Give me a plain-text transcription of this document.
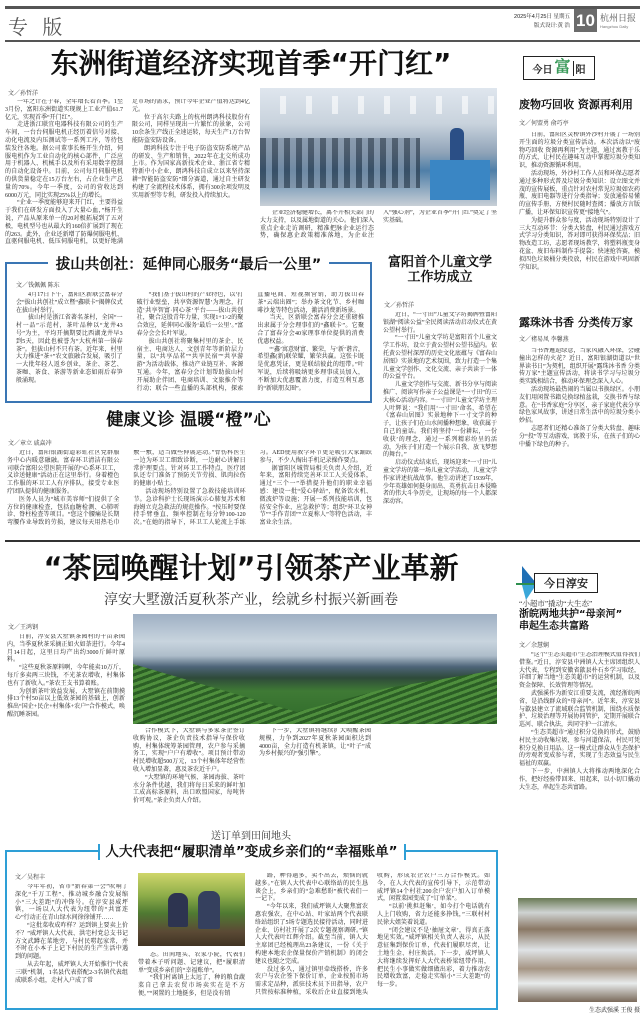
专 版	2025年4月25日 星期五
版式设计:黄 浩 10 杭州日报
Hangzhou Daily
东洲街道经济实现首季“开门红”
文／孙哲洋

一年之计在于春，全年增长看首季。1至3月份，富阳东洲街道实现规上工业产值61.7亿元，实现首季“开门红”。

走进浙江联宜电器科技有限公司的生产车间，一台台伺服电机正经历着信号对接、动化电流及内压测试等一系列工序，等待包装发往各地。据公司董事长杨开生介绍，伺服电机作为工业自动化的核心部件，广泛应用于机器人、机械手以及所有采用数字控制的自动化设备中。目前，公司每月伺服电机的供货量稳定在15万台左右，占企业生产总量的70%。今年一季度，公司的营收达到6000万元，同比实现25%以上的增长。

“企业一季度能够迎来开门红，主要得益于我们在研发方面投入了大量心血，”杨开生说，产品从原来单一的20对极拓展到了五对极，电机型号也从最大的160倍扩展到了现在的263。此外，企业还新增了防爆伺服电机、直驱伺服电机、低压伺服电机，以更好地满足市场的需求，预计今年企业产值将达到4亿元。

位于高尔夫路上的杭州朗鸿科技股份有限公司，同样呈现出一片繁忙的景象，公司10余条生产线正全速运转，每天生产1万台智能防盗安防设备。

朗鸿科技专注于电子防盗安防系统产品的研发、生产和销售，2022年在北交所成功上市。作为国家高新技术企业、浙江省专精特新中小企业，朗鸿科技自成立以来坚持深耕“智能防盗安防”细分赛道，通过自主研发构建了全流程技术体系，拥有300余项发明及实用新型等专利，研发投入持续加大。

企业经济稳健增长，离不开相关部门的大力支持，以及属地街道的关心。他们深入重点企业走访调研，精准把脉企业运行态势，确保惠企政策精准落地，为企业注入“强心剂”，为企业首季“开门红”奠定了坚实基础。

拔山共创社：延伸同心服务“最后一公里”
文／钱佩佩 陈东

4月17日下午，富阳区新联会富春分会“拔山共创社”成立暨“鑫联卡”揭牌仪式在拔山村举行。

拔山村是浙江省著名茶村，全国“一村一品”示范村，茶叶品种以“龙井43号”为主，平均开摘期要比西湖龙井早3到5天，因此也被誉为“大杭州第一锅春茶”。但拔山村不只有茶。近年来，村里大力推进“茶+”农文旅融合发展，吸引了一大批年轻人返乡创业，茶企、茶艺、茶咖、茶食、茶游等新业态如雨后春笋般涌现。

“我们基于拔山村的产业特色，以‘打破行业壁垒，共享资源智慧’为理念，打造‘共享智富·同心茶’平台——拔山共创社，聚合这股青年力量，实现1+1>2的聚合效应，延伸同心服务‘最后一公里’。”富春分会会长叶军说。

拔山共创社将聚集村里的茶企、民宿主、电商达人、文创青年等新阶层力量，以“共享品茗”“共享民宿”“共享游游”为活动载体，推动产业链互补、客源互通。今年，富春分会计划帮助拔山村开展助企伴团、电商培训、文旅推介等行动；联合一些直播的头部机构，探索直播电商、短视频营销，助力拔山春茶“云端出圈”；举办茶文化节、乡村咖啡沙龙等特色活动，激活消费新场景。

当天，区新联会富春分会还重磅推出隶属于分会理事们的“鑫联卡”。它聚合了富春分会40家理事单位提供的消费优惠权益。

“‘鑫’寓意财富、繁荣，与‘新’谐音，希望鑫(新)联荣耀，繁荣共赢。这张卡既是优惠凭证，更是联结彼此的纽带。”叶军说，后续将吸纳更多理事成员加入，不断加大优惠覆盖力度，打造互利互惠的“新联朋友圈”。

富阳首个儿童文学
工作坊成立
文／孙哲洋

近日，“一寸田”儿童文学坊揭牌暨富阳银湖“阅读公益”全民阅读活动启动仪式在黄公望村举行。

“一寸田”儿童文学坊是富阳首个儿童文学工作坊，设立于黄公望村公望书屋内。依托黄公望村深厚的历史文化底蕴与《富春山居图》实景地的艺术氛围，致力打造一个集儿童文学创作、文化交流、亲子共读于一体的公益平台。

儿童文学创作与交流、新书分享与阅读推广、阅读写作亲子公益课是“一寸田”的三大核心活动内容。“一寸田”儿童文学坊主理人叶辉说：“我们用‘一寸田’命名，希望在《富春山居图》实景地种下一寸文学的种子，让孩子们在山水间播种想象，收获属于自己的童话。我们将坚持‘一份耕耘，一份收获’的理念，通过一系列精彩纷呈的活动，为孩子们打造一个展示自我、放飞梦想的舞台。”

启动仪式结束后，现场迎来“一寸田”儿童文学坊的第一场儿童文学活动，儿童文学作家讲述抗战故事。他生动讲述了1939年，少年英雄如何挺身而出、英勇抗击日本侵略者的伟大斗争历史，让现场的每一个人都深深动容。

健康义诊 温暖“橙”心
文／章立 戚焱冲

近日，富阳银湖街道彩虹社区党群服务中心内暖意融融。富春环卫清洁有限公司联合富阳公望医院开展的“心系环卫工，义诊送健康”活动正在这里举行。身着橙色工作服的环卫工人有序排队，接受专业医疗团队提供的健康服务。

医务人员为“城市美容师”们提供了全方位的健康检查，包括血糖检测、心肺听诊、脊柱检查等项目。“您这个腰痛是长期弯腰作业导致的劳损，建议每天用热毛巾敷一敷，适当做些伸展运动。”骨伤科医生一边为环卫工细致诊断，一边耐心讲解日常护理要点。针对环卫工作特点，医疗团队还专门准备了预防关节劳损、肌肉拉伤的健康小贴士。

活动现场特别设置了急救技能培训环节。急诊科护士长现场演示心肺复苏术和海姆立克急救法的规范操作。“按压时要保持手臂垂直，频率控制在每分钟100-120次。”在她的指导下，环卫工人轮流上手练习。AED使用教学环节更是吸引大家踊跃参与，不少人掏出手机记录操作要点。

据富阳区城管局相关负责人介绍，近年来，富阳持续完善环卫工人关爱体系，通过“三个一”举措提升他们的职业幸福感：建设一批“爱心驿站”，配备饮水机、微波炉等设施；开展一系列技能培训，包括安全作业、应急救护等；组织“环卫女神节”“手作青团”“立夏称人”等特色活动，丰富业余生活。

今日 富 阳
废物巧回收 资源再利用
文／何盟勇 俞巧亭

日前，富阳区灵桥镇外沙村开展了一场别开生面的垃圾分类宣传活动。本次活动以“废物巧回收 资源再利用”为主题，通过寓教于乐的方式，让村民在趣味互动中掌握垃圾分类知识，推动资源循环利用。

活动现场，外沙村工作人员和环保志愿者通过多种形式普及垃圾分类知识：设立图文并茂的宣传展板，重点针对农村常见垃圾如农药瓶、废旧电器等进行分类指导；发放通俗易懂的宣传手册，方便村民随时查阅；播放方言版广播，让环保知识宣传更“接地气”。

为提升群众参与度，活动现场特别设计了三大互动环节：分类大转盘，村民通过游戏方式学习分类知识，答对即可获得环保奖品；旧物改造工坊，志愿者现场教学，将塑料瓶变身花盆、废旧布料制作手提袋；快速抢答赛，模拟四色垃圾桶分类投放，村民在游戏中巩固新学知识。

露珠沐书香 分类传万家
文／褚易凤 李馨燕

当书香邂逅绿意，当家风融入环保，会碰撞出怎样的火花？近日，富阳银湖街道以“世界读书日”为契机，组织开展“露珠沐书香 分类传万家”主题宣传活动，将读书学习与垃圾分类实践相结合，推动环保理念深入人心。

活动现场最热闹的当属以书换绿区。小朋友们用闲置书籍兑换绿植盆栽，交换书香与绿意。在“书香家庭”分享区，亲子家庭代表分享绿色家风故事，讲述日常生活中的垃圾分类小妙招。

志愿者们还精心准备了分类大转盘、趣味分“投”等互动游戏，寓教于乐，在孩子们的心中播下绿色的种子。

“茶园唤醒计划”引领茶产业革新
淳安大墅激活夏秋茶产业，绘就乡村振兴新画卷
文／王鸿钢

日前，淳安县大墅镇茶园村的千亩茶园内，当季夏秋茶采摘正如火如荼进行。今年4月14日起，这里日均产出约3000斤鲜叶原料。

“这些夏秋茶原料啊，今年能卖10万斤，每斤多卖两三块钱，不光茶农增收，村集体也有了新收入。”茶农王支书算着账。

为创新茶叶效益发展，大墅镇在前期摸排13个村50亩以上低效茶园的基础上，创新推出“国企+民企+村集体+农户”合作模式，唤醒沉睡茶园。

合作模式下，大墅镇与多家茶企签订收购协议，茶企负责技术指导与保价收购，村集体统筹茶园管理，农户参与采摘务工，实现“户户有增收”。项目预计带动村民增收超500万元，13个村集体年经营性收入增加显著，惠及茶农近千户。

“大墅镇的环境气候、茶园海拔、茶叶水分条件优越，我们将每日采来的鲜叶加工成高标茶原料，出口欧盟国家，每吨售价可观。”茶企负责人介绍。

下一步，大墅镇将继续扩大唤醒茶园规模，力争到2027年夏秋茶园面积达到4000亩，全力打造有机茶镇，让“叶子”成为乡村振兴的“强引擎”。

今日淳安
“小超市”撬动“大生态”
浙皖两地共护“母亲河”
串起生态共富路
文／余慧娴

“这个‘生态美超市’生态治理模式值得我们借鉴。”近日，淳安县中洲镇人大主席团组织人大代表，专程到安徽省歙县朴石乡学习取经，详细了解当地“生态美超市”的运营机制，以及资金保障、长效管理等情况。

武强溪作为新安江重要支流，流经浙皖两省，是沿线群众的“母亲河”。近年来，淳安县与歙县建立了流域联合监管机制，围绕水质保护、垃圾治理等开展协同管护，定期开展联合巡河、联合执法，共同守护一江清水。

“生态美超市”通过积分兑换的形式，鼓励村民主动收集垃圾、参与河道保洁，村民可凭积分兑换日用品。这一模式让群众从生态保护的旁观者变成参与者，实现了生态效益与民生福祉的双赢。

下一步，中洲镇人大将推动两地深化合作，把好经验带回来、用起来，以小切口撬动大生态，串起生态共富路。

生态武强溪 王俊 摄
送订单到田间地头
人大代表把“履职清单”变成乡亲们的“幸福账单”
文／吴程丰

今年年初，省市“新春第一会”吹响了深化“千万工程”、推动城乡融合发展缩小“三大差距”的冲锋号。在淳安县威坪镇，一场以人大代表为纽带的“共富连心”行动正在青山绿水间徐徐铺开……

“这批菜收成咋样？运到镇上要卖上价不？”威坪镇人大代表、洪宅村党总支书记方文武蹲在菜地旁，与村民唠起家常，并不时在小本子上记下村民的生产生活中遇到的问题。

从去年起，威坪镇人大开始推行“代表三联”机制，1名县代表搭配2-3名镇代表组成联系小组，走村入户成了常

态。田间地头、农家小院，代表们带着本子听问题、记建议，把“履职清单”变成乡亲们的“幸福账单”。

“我们村离镇上太远了，种的粮食蔬菜自己拿去农贸市场卖实在是不方便，”“闲置的土地挺多，但是没有销

路，种得越多，卖不出去，烦恼的就越多。”在镇人大代表中心联络站的民生恳谈会上，乡亲们的“急难愁盼”被代表们一一记下。

“今年以来，我们威坪镇人大聚焦富农惠农强农，在中心站、叶家站两个代表联络站组织了5场专题选民接待活动，同时进企业、访村社开展了2次专题视察调研。”镇人大代表叶红辉介绍。截至当前，镇人大主席团已经梳理出23条建议，一份《关于构建本地农企保量保价产销机制》的闭会建议也随之完成。

没过多久，通过镇里牵线搭桥，许多农户与农企签下保价订单，企业按照市场需求定品种，派驻技术员下田指导，农户只管按标准种植，采收后企业直接到地头收购，形成农企农户三方合作模式。如今，在人大代表的宣传引导下，示范带动威坪镇14个村社200余户农户加入订单模式，闲置菜园变成了“订单菜”。

“以前‘挑担赶集’，如今打个电话就有人上门收购，省力还能多挣钱，”三联村村民徐大姐笑着说道。

“闭会建议不是‘抽屉文章’，得真正落地见实效。”威坪镇相关负责人表示，从民意征集到保价订单，代表们履职尽责，让土地生金、村庄焕活。下一步，威坪镇人大将继续发挥好人大代表桥梁纽带作用，把民生小事做实做细做出彩，着力推动农民增收致富，走稳走实缩小“三大差距”的每一步。
